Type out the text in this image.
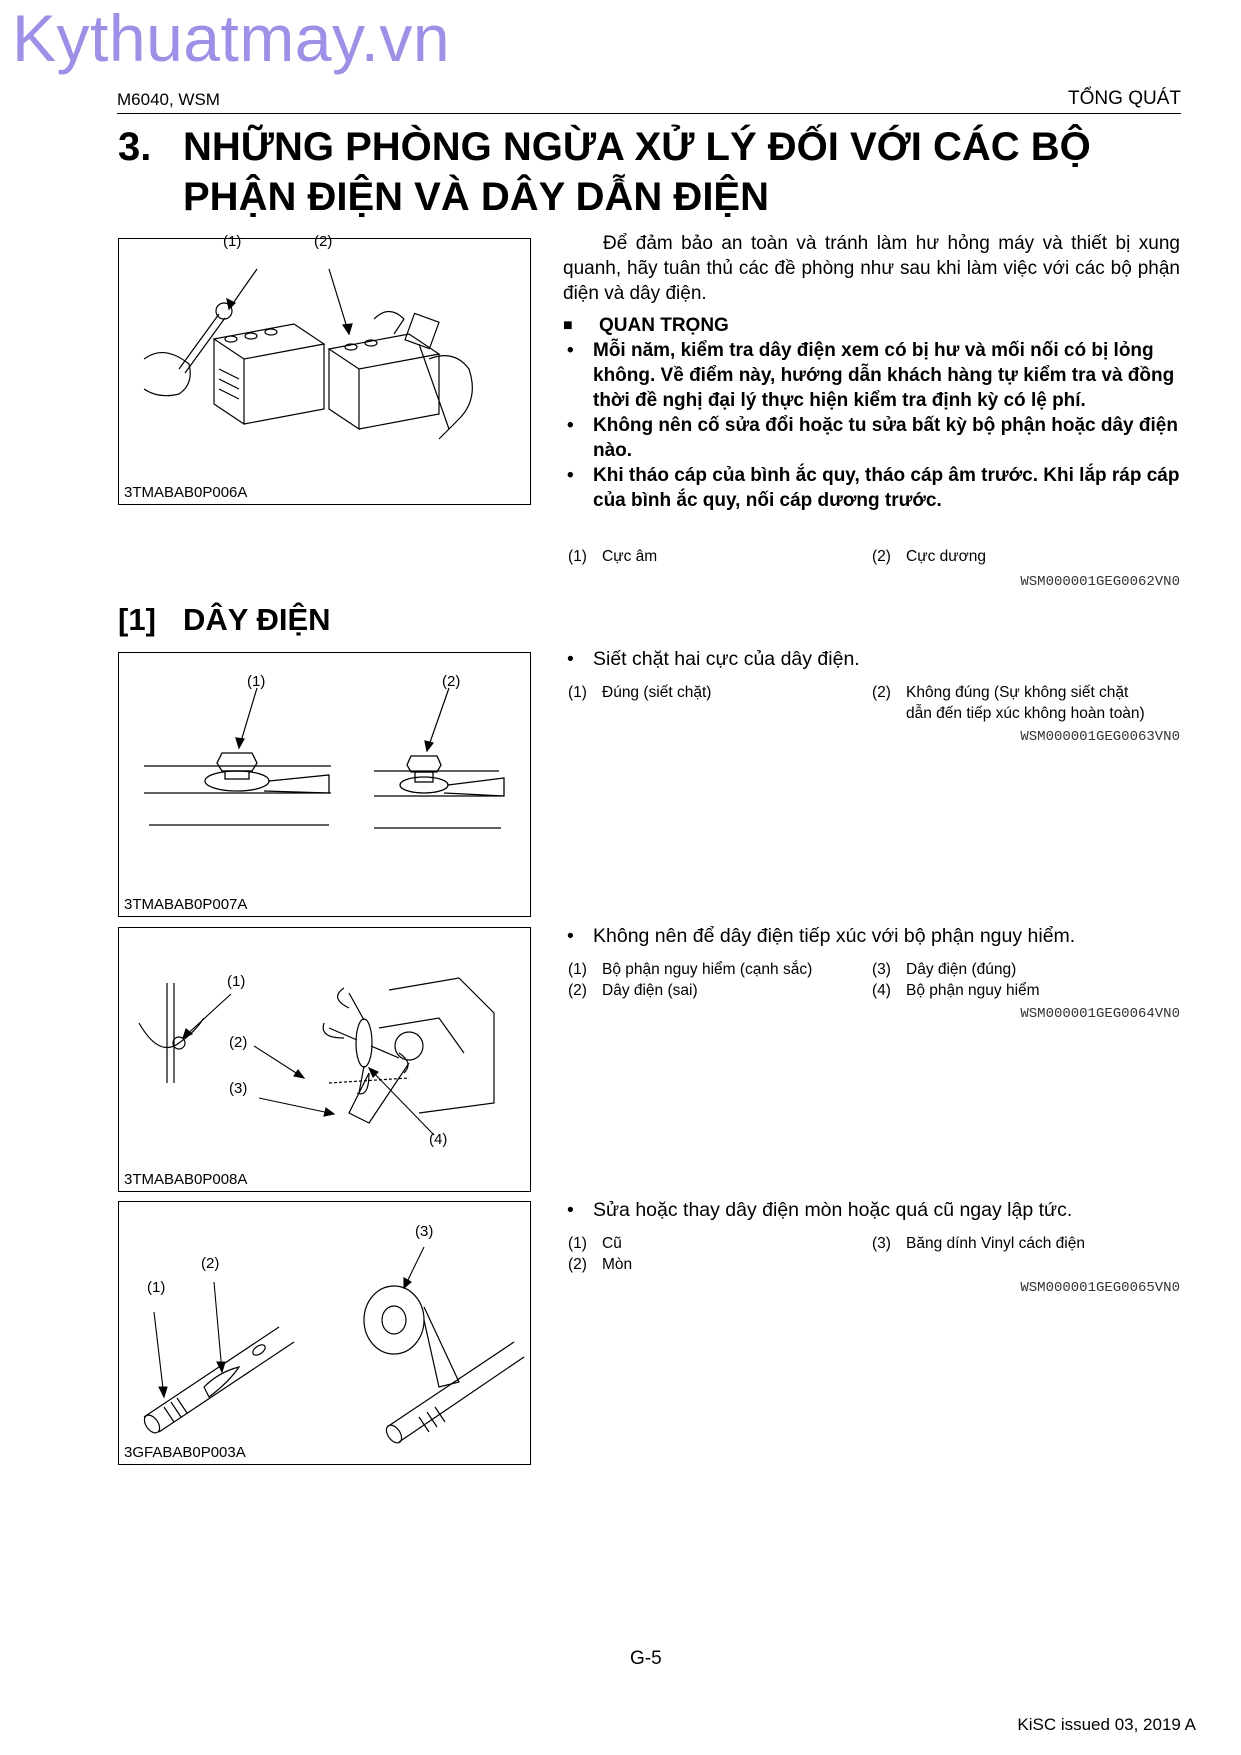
Kythuatmay.vn
M6040, WSM	TỔNG QUÁT
3. NHỮNG PHÒNG NGỪA XỬ LÝ ĐỐI VỚI CÁC BỘ
PHẬN ĐIỆN VÀ DÂY DẪN ĐIỆN
(1)	(2)
3TMABAB0P006A
Để đảm bảo an toàn và tránh làm hư hỏng máy và thiết bị xung quanh, hãy tuân thủ các đề phòng như sau khi làm việc với các bộ phận điện và dây điện.
■	QUAN TRỌNG
•	Mỗi năm, kiểm tra dây điện xem có bị hư và mối nối có bị lỏng không. Về điểm này, hướng dẫn khách hàng tự kiểm tra và đồng thời đề nghị đại lý thực hiện kiểm tra định kỳ có lệ phí.
•	Không nên cố sửa đổi hoặc tu sửa bất kỳ bộ phận hoặc dây điện nào.
•	Khi tháo cáp của bình ắc quy, tháo cáp âm trước. Khi lắp ráp cáp của bình ắc quy, nối cáp dương trước.
(1) Cực âm	(2) Cực dương
WSM000001GEG0062VN0
[1] DÂY ĐIỆN
(1)	(2)
3TMABAB0P007A
• Siết chặt hai cực của dây điện.
(1) Đúng (siết chặt)	(2) Không đúng (Sự không siết chặt
dẫn đến tiếp xúc không hoàn toàn)
WSM000001GEG0063VN0
(1)
(2)
(3)
(4)
3TMABAB0P008A
• Không nên để dây điện tiếp xúc với bộ phận nguy hiểm.
(1) Bộ phận nguy hiểm (cạnh sắc)	(3) Dây điện (đúng)
(2) Dây điện (sai)	(4) Bộ phận nguy hiểm
WSM000001GEG0064VN0
(1)
(2)
(3)
3GFABAB0P003A
• Sửa hoặc thay dây điện mòn hoặc quá cũ ngay lập tức.
(1) Cũ	(3) Băng dính Vinyl cách điện
(2) Mòn
WSM000001GEG0065VN0
G-5
KiSC issued 03, 2019 A
